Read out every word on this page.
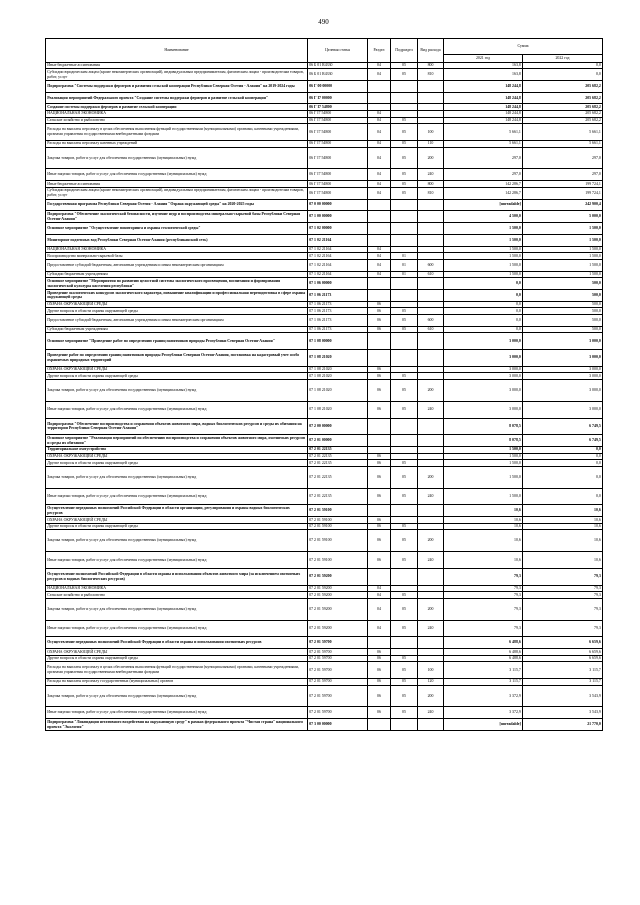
490
Наименование	Целевая статья	Раздел	Подраздел	Вид расхода	Сумма	
					2021 год	2022 год
Иные бюджетные ассигнования	06 Б 01 R4330	04	05	800	163,8	0,0
Субсидии юридическим лицам (кроме некоммерческих организаций), индивидуальным предпринимателям, физическим лицам - производителям товаров, работ, услуг	06 Б 01 R4330	04	05	810	163,8	0,0
Подпрограмма "Системы поддержки фермеров и развития сельской кооперации Республики Северная Осетия - Алания" на 2019-2024 годы	06 Г 00 00000				148 244,8	205 682,2
Реализация мероприятий Федерального проекта "Создание системы поддержки фермеров и развитие сельской кооперации"	06 Г I7 00000				148 244,8	205 682,2
Создание системы поддержки фермеров и развитие сельской кооперации	06 Г I7 54800				148 244,8	205 682,2
НАЦИОНАЛЬНАЯ ЭКОНОМИКА	06 Г I7 54800	04			148 244,8	205 682,2
Сельское хозяйство и рыболовство	06 Г I7 54800	04	05		148 244,8	205 682,2
Расходы на выплаты персоналу в целях обеспечения выполнения функций государственными (муниципальными) органами, казенными учреждениями, органами управления государственными внебюджетными фондами	06 Г I7 54800	04	05	100	5 661,1	5 661,1
Расходы на выплаты персоналу казенных учреждений	06 Г I7 54800	04	05	110	5 661,1	5 661,1
Закупка товаров, работ и услуг для обеспечения государственных (муниципальных) нужд	06 Г I7 54800	04	05	200	297,0	297,0
Иные закупки товаров, работ и услуг для обеспечения государственных (муниципальных) нужд	06 Г I7 54800	04	05	240	297,0	297,0
Иные бюджетные ассигнования	06 Г I7 54800	04	05	800	142 286,7	199 724,1
Субсидии юридическим лицам (кроме некоммерческих организаций), индивидуальным предпринимателям, физическим лицам - производителям товаров, работ, услуг	06 Г I7 54800	04	05	810	142 286,7	199 724,1
Государственная программа Республики Северная Осетия - Алания "Охрана окружающей среды" на 2020-2025 годы	07 0 00 00000				[unreadable]	242 900,4
Подпрограмма "Обеспечение экологической безопасности, изучение недр и воспроизводства минерально-сырьевой базы Республики Северная Осетия-Алания"	07 1 00 00000				4 500,0	5 000,0
Основное мероприятие "Осуществление мониторинга и охраны геологической среды"	07 1 02 00000				1 500,0	1 500,0
Мониторинг подземных вод Республики Северная Осетия-Алания (республиканский сеть)	07 1 02 21164				1 500,0	1 500,0
НАЦИОНАЛЬНАЯ ЭКОНОМИКА	07 1 02 21164	04			1 500,0	1 500,0
Воспроизводство минерально-сырьевой базы	07 1 02 21164	04	01		1 500,0	1 500,0
Предоставление субсидий бюджетным, автономным учреждениям и иным некоммерческим организациям	07 1 02 21164	04	01	600	1 500,0	1 500,0
Субсидии бюджетным учреждениям	07 1 02 21164	04	01	610	1 500,0	1 500,0
Основное мероприятие "Мероприятия по развитию целостной системы экологического просвещения, воспитания и формирования экологической культуры населения республики"	07 1 06 00000				0,0	500,0
Проведение экологических конкурсов экологического характера, повышение квалификации и профессиональная переподготовка в сфере охраны окружающей среды	07 1 06 21173				0,0	500,0
ОХРАНА ОКРУЖАЮЩЕЙ СРЕДЫ	07 1 06 21173	06			0,0	500,0
Другие вопросы в области охраны окружающей среды	07 1 06 21173	06	05		0,0	500,0
Предоставление субсидий бюджетным, автономным учреждениям и иным некоммерческим организациям	07 1 06 21173	06	05	600	0,0	500,0
Субсидии бюджетным учреждениям	07 1 06 21173	06	05	610	0,0	500,0
Основное мероприятие "Проведение работ по определению границ памятников природы Республики Северная Осетия-Алания"	07 1 08 00000				3 000,0	3 000,0
Проведение работ по определению границ памятников природы Республики Северная Осетия-Алания, постановка на кадастровый учет особо охраняемых природных территорий	07 1 08 21020				3 000,0	3 000,0
ОХРАНА ОКРУЖАЮЩЕЙ СРЕДЫ	07 1 08 21020	06			3 000,0	3 000,0
Другие вопросы в области охраны окружающей среды	07 1 08 21020	06	05		3 000,0	3 000,0
Закупка товаров, работ и услуг для обеспечения государственных (муниципальных) нужд	07 1 08 21020	06	05	200	3 000,0	3 000,0
Иные закупки товаров, работ и услуг для обеспечения государственных (муниципальных) нужд	07 1 08 21020	06	05	240	3 000,0	3 000,0
Подпрограмма "Обеспечение воспроизводства и сохранения объектов животного мира, водных биологических ресурсов и среды их обитания на территории Республики Северная Осетия-Алания"	07 2 00 00000				8 078,5	6 749,5
Основное мероприятие "Реализация мероприятий по обеспечению воспроизводства и сохранения объектов животного мира, охотничьих ресурсов и среды их обитания"	07 2 01 00000				8 078,5	6 749,5
Территориальное охотустройство	07 2 01 22135				1 500,0	0,0
ОХРАНА ОКРУЖАЮЩЕЙ СРЕДЫ	07 2 01 22135	06			1 500,0	0,0
Другие вопросы в области охраны окружающей среды	07 2 01 22135	06	05		1 500,0	0,0
Закупка товаров, работ и услуг для обеспечения государственных (муниципальных) нужд	07 2 01 22135	06	05	200	1 500,0	0,0
Иные закупки товаров, работ и услуг для обеспечения государственных (муниципальных) нужд	07 2 01 22135	06	05	240	1 500,0	0,0
Осуществление переданных полномочий Российской Федерации в области организации, регулирования и охраны водных биологических ресурсов	07 2 01 59100				10,6	10,6
ОХРАНА ОКРУЖАЮЩЕЙ СРЕДЫ	07 2 01 59100	06			10,6	10,6
Другие вопросы в области охраны окружающей среды	07 2 01 59100	06	05		10,6	10,6
Закупка товаров, работ и услуг для обеспечения государственных (муниципальных) нужд	07 2 01 59100	06	05	200	10,6	10,6
Иные закупки товаров, работ и услуг для обеспечения государственных (муниципальных) нужд	07 2 01 59100	06	05	240	10,6	10,6
Осуществление полномочий Российской Федерации в области охраны и использования объектов животного мира (за исключением охотничьих ресурсов и водных биологических ресурсов)	07 2 01 59200				79,3	79,3
НАЦИОНАЛЬНАЯ ЭКОНОМИКА	07 2 01 59200	04			79,3	79,3
Сельское хозяйство и рыболовство	07 2 01 59200	04	05		79,3	79,3
Закупка товаров, работ и услуг для обеспечения государственных (муниципальных) нужд	07 2 01 59200	04	05	200	79,3	79,3
Иные закупки товаров, работ и услуг для обеспечения государственных (муниципальных) нужд	07 2 01 59200	04	05	240	79,3	79,3
Осуществление переданных полномочий Российской Федерации в области охраны и использования охотничьих ресурсов	07 2 01 59700				6 488,6	6 659,6
ОХРАНА ОКРУЖАЮЩЕЙ СРЕДЫ	07 2 01 59700	06			6 488,6	6 659,6
Другие вопросы в области охраны окружающей среды	07 2 01 59700	06	05		6 488,6	6 659,6
Расходы на выплаты персоналу в целях обеспечения выполнения функций государственными (муниципальными) органами, казенными учреждениями, органами управления государственными внебюджетными фондами	07 2 01 59700	06	05	100	3 115,7	3 115,7
Расходы на выплаты персоналу государственных (муниципальных) органов	07 2 01 59700	06	05	120	3 115,7	3 115,7
Закупка товаров, работ и услуг для обеспечения государственных (муниципальных) нужд	07 2 01 59700	06	05	200	3 372,9	3 543,9
Иные закупки товаров, работ и услуг для обеспечения государственных (муниципальных) нужд	07 2 01 59700	06	05	240	3 372,9	3 543,9
Подпрограмма "Ликвидация негативного воздействия на окружающую среду" в рамках федерального проекта "Чистая страна" национального проекта "Экология"	07 3 00 00000				[unreadable]	21 770,0
